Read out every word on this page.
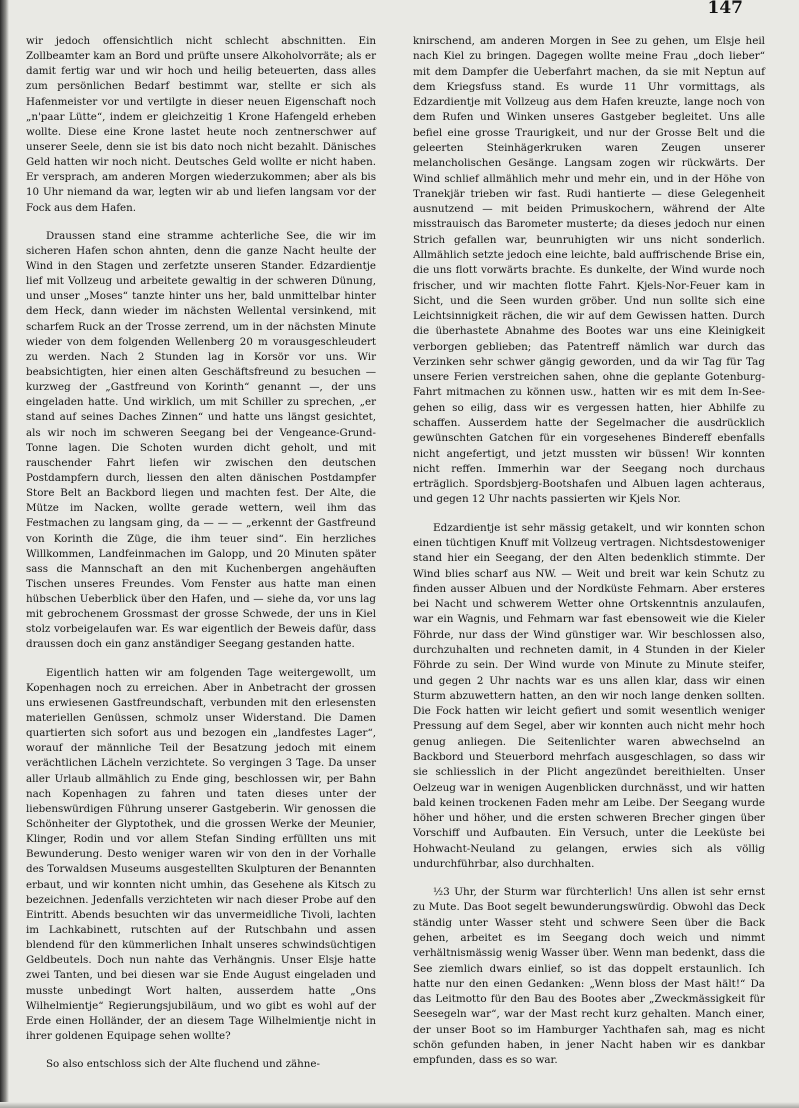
147

wir jedoch offensichtlich nicht schlecht abschnitten. Ein Zollbeamter kam an Bord und prüfte unsere Alkoholvorräte; als er damit fertig war und wir hoch und heilig beteuerten, dass alles zum persönlichen Bedarf bestimmt war, stellte er sich als Hafenmeister vor und vertilgte in dieser neuen Eigenschaft noch „n'paar Lütte“, indem er gleichzeitig 1 Krone Hafengeld erheben wollte. Diese eine Krone lastet heute noch zentnerschwer auf unserer Seele, denn sie ist bis dato noch nicht bezahlt. Dänisches Geld hatten wir noch nicht. Deutsches Geld wollte er nicht haben. Er versprach, am anderen Morgen wiederzukommen; aber als bis 10 Uhr niemand da war, legten wir ab und liefen langsam vor der Fock aus dem Hafen.

Draussen stand eine stramme achterliche See, die wir im sicheren Hafen schon ahnten, denn die ganze Nacht heulte der Wind in den Stagen und zerfetzte unseren Stander. Edzardientje lief mit Vollzeug und arbeitete gewaltig in der schweren Dünung, und unser „Moses“ tanzte hinter uns her, bald unmittelbar hinter dem Heck, dann wieder im nächsten Wellental versinkend, mit scharfem Ruck an der Trosse zerrend, um in der nächsten Minute wieder von dem folgenden Wellenberg 20 m vorausgeschleudert zu werden. Nach 2 Stunden lag in Korsör vor uns. Wir beabsichtigten, hier einen alten Geschäftsfreund zu besuchen — kurzweg der „Gastfreund von Korinth“ genannt —, der uns eingeladen hatte. Und wirklich, um mit Schiller zu sprechen, „er stand auf seines Daches Zinnen“ und hatte uns längst gesichtet, als wir noch im schweren Seegang bei der Vengeance-Grund-Tonne lagen. Die Schoten wurden dicht geholt, und mit rauschender Fahrt liefen wir zwischen den deutschen Postdampfern durch, liessen den alten dänischen Postdampfer Store Belt an Backbord liegen und machten fest. Der Alte, die Mütze im Nacken, wollte gerade wettern, weil ihm das Festmachen zu langsam ging, da — — — „erkennt der Gastfreund von Korinth die Züge, die ihm teuer sind“. Ein herzliches Willkommen, Landfeinmachen im Galopp, und 20 Minuten später sass die Mannschaft an den mit Kuchenbergen angehäuften Tischen unseres Freundes. Vom Fenster aus hatte man einen hübschen Ueberblick über den Hafen, und — siehe da, vor uns lag mit gebrochenem Grossmast der grosse Schwede, der uns in Kiel stolz vorbeigelaufen war. Es war eigentlich der Beweis dafür, dass draussen doch ein ganz anständiger Seegang gestanden hatte.

Eigentlich hatten wir am folgenden Tage weitergewollt, um Kopenhagen noch zu erreichen. Aber in Anbetracht der grossen uns erwiesenen Gastfreundschaft, verbunden mit den erlesensten materiellen Genüssen, schmolz unser Widerstand. Die Damen quartierten sich sofort aus und bezogen ein „landfestes Lager“, worauf der männliche Teil der Besatzung jedoch mit einem verächtlichen Lächeln verzichtete. So vergingen 3 Tage. Da unser aller Urlaub allmählich zu Ende ging, beschlossen wir, per Bahn nach Kopenhagen zu fahren und taten dieses unter der liebenswürdigen Führung unserer Gastgeberin. Wir genossen die Schönheiter der Glyptothek, und die grossen Werke der Meunier, Klinger, Rodin und vor allem Stefan Sinding erfüllten uns mit Bewunderung. Desto weniger waren wir von den in der Vorhalle des Torwaldsen Museums ausgestellten Skulpturen der Benannten erbaut, und wir konnten nicht umhin, das Gesehene als Kitsch zu bezeichnen. Jedenfalls verzichteten wir nach dieser Probe auf den Eintritt. Abends besuchten wir das unvermeidliche Tivoli, lachten im Lachkabinett, rutschten auf der Rutschbahn und assen blendend für den kümmerlichen Inhalt unseres schwindsüchtigen Geldbeutels. Doch nun nahte das Verhängnis. Unser Elsje hatte zwei Tanten, und bei diesen war sie Ende August eingeladen und musste unbedingt Wort halten, ausserdem hatte „Ons Wilhelmientje“ Regierungsjubiläum, und wo gibt es wohl auf der Erde einen Holländer, der an diesem Tage Wilhelmientje nicht in ihrer goldenen Equipage sehen wollte?

So also entschloss sich der Alte fluchend und zähne-

knirschend, am anderen Morgen in See zu gehen, um Elsje heil nach Kiel zu bringen. Dagegen wollte meine Frau „doch lieber“ mit dem Dampfer die Ueberfahrt machen, da sie mit Neptun auf dem Kriegsfuss stand. Es wurde 11 Uhr vormittags, als Edzardientje mit Vollzeug aus dem Hafen kreuzte, lange noch von dem Rufen und Winken unseres Gastgeber begleitet. Uns alle befiel eine grosse Traurigkeit, und nur der Grosse Belt und die geleerten Steinhägerkruken waren Zeugen unserer melancholischen Gesänge. Langsam zogen wir rückwärts. Der Wind schlief allmählich mehr und mehr ein, und in der Höhe von Tranekjär trieben wir fast. Rudi hantierte — diese Gelegenheit ausnutzend — mit beiden Primuskochern, während der Alte misstrauisch das Barometer musterte; da dieses jedoch nur einen Strich gefallen war, beunruhigten wir uns nicht sonderlich. Allmählich setzte jedoch eine leichte, bald auffrischende Brise ein, die uns flott vorwärts brachte. Es dunkelte, der Wind wurde noch frischer, und wir machten flotte Fahrt. Kjels-Nor-Feuer kam in Sicht, und die Seen wurden gröber. Und nun sollte sich eine Leichtsinnigkeit rächen, die wir auf dem Gewissen hatten. Durch die überhastete Abnahme des Bootes war uns eine Kleinigkeit verborgen geblieben; das Patentreff nämlich war durch das Verzinken sehr schwer gängig geworden, und da wir Tag für Tag unsere Ferien verstreichen sahen, ohne die geplante Gotenburg-Fahrt mitmachen zu können usw., hatten wir es mit dem In-See-gehen so eilig, dass wir es vergessen hatten, hier Abhilfe zu schaffen. Ausserdem hatte der Segelmacher die ausdrücklich gewünschten Gatchen für ein vorgesehenes Bindereff ebenfalls nicht angefertigt, und jetzt mussten wir büssen! Wir konnten nicht reffen. Immerhin war der Seegang noch durchaus erträglich. Spordsbjerg-Bootshafen und Albuen lagen achteraus, und gegen 12 Uhr nachts passierten wir Kjels Nor.

Edzardientje ist sehr mässig getakelt, und wir konnten schon einen tüchtigen Knuff mit Vollzeug vertragen. Nichtsdestoweniger stand hier ein Seegang, der den Alten bedenklich stimmte. Der Wind blies scharf aus NW. — Weit und breit war kein Schutz zu finden ausser Albuen und der Nordküste Fehmarn. Aber ersteres bei Nacht und schwerem Wetter ohne Ortskenntnis anzulaufen, war ein Wagnis, und Fehmarn war fast ebensoweit wie die Kieler Föhrde, nur dass der Wind günstiger war. Wir beschlossen also, durchzuhalten und rechneten damit, in 4 Stunden in der Kieler Föhrde zu sein. Der Wind wurde von Minute zu Minute steifer, und gegen 2 Uhr nachts war es uns allen klar, dass wir einen Sturm abzuwettern hatten, an den wir noch lange denken sollten. Die Fock hatten wir leicht gefiert und somit wesentlich weniger Pressung auf dem Segel, aber wir konnten auch nicht mehr hoch genug anliegen. Die Seitenlichter waren abwechselnd an Backbord und Steuerbord mehrfach ausgeschlagen, so dass wir sie schliesslich in der Plicht angezündet bereithielten. Unser Oelzeug war in wenigen Augenblicken durchnässt, und wir hatten bald keinen trockenen Faden mehr am Leibe. Der Seegang wurde höher und höher, und die ersten schweren Brecher gingen über Vorschiff und Aufbauten. Ein Versuch, unter die Leeküste bei Hohwacht-Neuland zu gelangen, erwies sich als völlig undurchführbar, also durchhalten.

½3 Uhr, der Sturm war fürchterlich! Uns allen ist sehr ernst zu Mute. Das Boot segelt bewunderungswürdig. Obwohl das Deck ständig unter Wasser steht und schwere Seen über die Back gehen, arbeitet es im Seegang doch weich und nimmt verhältnismässig wenig Wasser über. Wenn man bedenkt, dass die See ziemlich dwars einlief, so ist das doppelt erstaunlich. Ich hatte nur den einen Gedanken: „Wenn bloss der Mast hält!“ Da das Leitmotto für den Bau des Bootes aber „Zweckmässigkeit für Seesegeln war“, war der Mast recht kurz gehalten. Manch einer, der unser Boot so im Hamburger Yachthafen sah, mag es nicht schön gefunden haben, in jener Nacht haben wir es dankbar empfunden, dass es so war.
